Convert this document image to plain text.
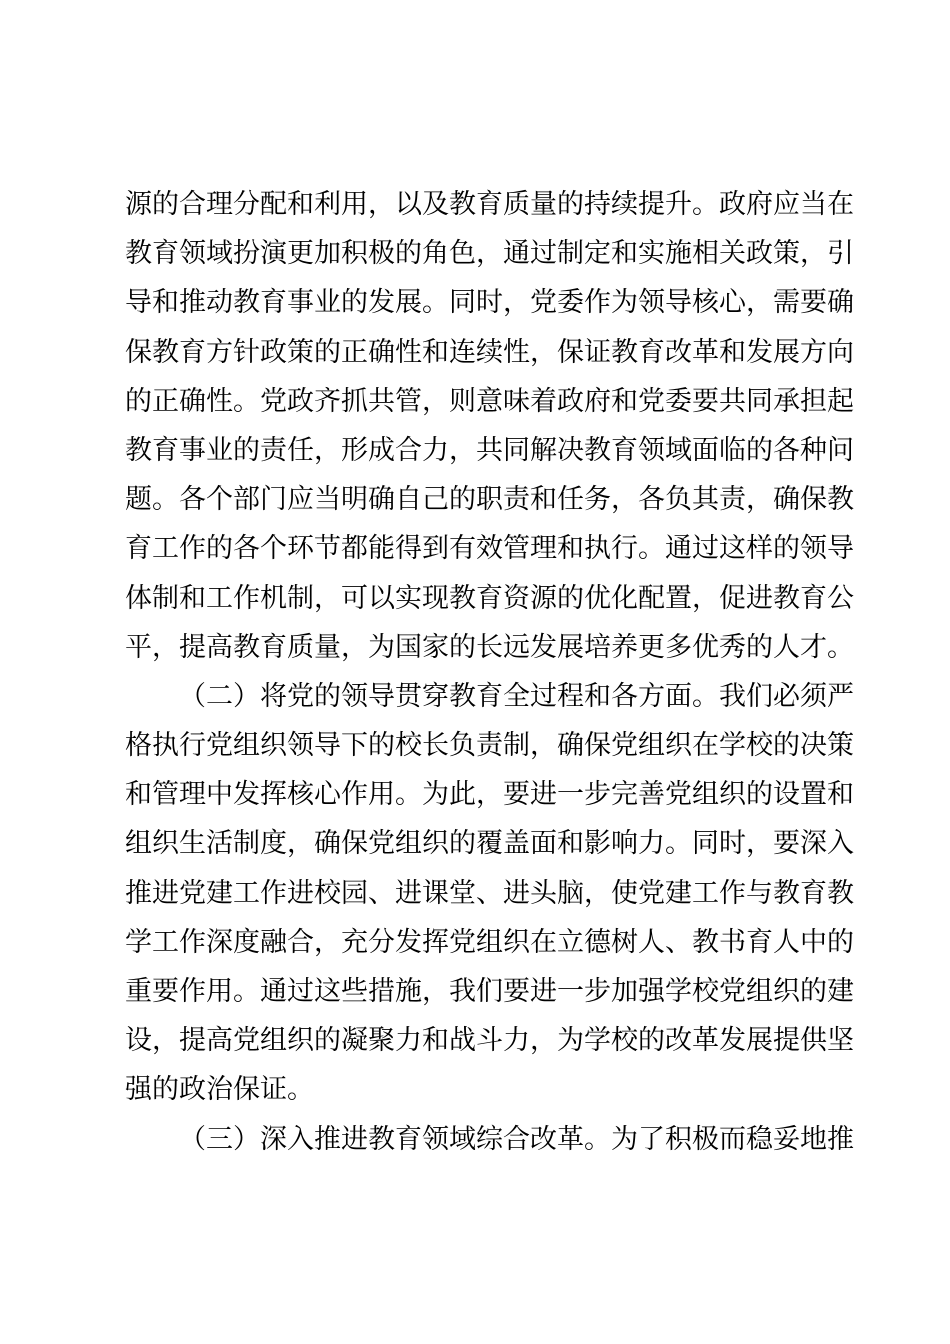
源的合理分配和利用，以及教育质量的持续提升。政府应当在
教育领域扮演更加积极的角色，通过制定和实施相关政策，引
导和推动教育事业的发展。同时，党委作为领导核心，需要确
保教育方针政策的正确性和连续性，保证教育改革和发展方向
的正确性。党政齐抓共管，则意味着政府和党委要共同承担起
教育事业的责任，形成合力，共同解决教育领域面临的各种问
题。各个部门应当明确自己的职责和任务，各负其责，确保教
育工作的各个环节都能得到有效管理和执行。通过这样的领导
体制和工作机制，可以实现教育资源的优化配置，促进教育公
平，提高教育质量，为国家的长远发展培养更多优秀的人才。
（二）将党的领导贯穿教育全过程和各方面。我们必须严
格执行党组织领导下的校长负责制，确保党组织在学校的决策
和管理中发挥核心作用。为此，要进一步完善党组织的设置和
组织生活制度，确保党组织的覆盖面和影响力。同时，要深入
推进党建工作进校园、进课堂、进头脑，使党建工作与教育教
学工作深度融合，充分发挥党组织在立德树人、教书育人中的
重要作用。通过这些措施，我们要进一步加强学校党组织的建
设，提高党组织的凝聚力和战斗力，为学校的改革发展提供坚
强的政治保证。
（三）深入推进教育领域综合改革。为了积极而稳妥地推
